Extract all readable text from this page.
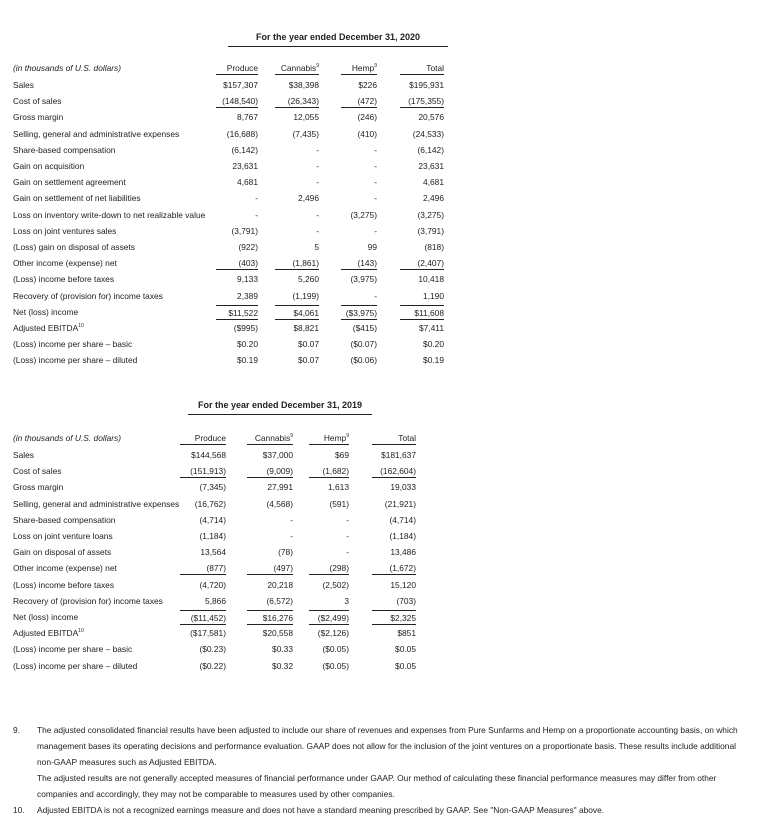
For the year ended December 31, 2020
(in thousands of U.S. dollars)	Produce	Cannabis$^9$	Hemp$^9$	Total
Sales	$157,307	$38,398	$226	$195,931
Cost of sales	(148,540)	(26,343)	(472)	(175,355)
Gross margin	8,767	12,055	(246)	20,576
Selling, general and administrative expenses	(16,688)	(7,435)	(410)	(24,533)
Share-based compensation	(6,142)	-	-	(6,142)
Gain on acquisition	23,631	-	-	23,631
Gain on settlement agreement	4,681	-	-	4,681
Gain on settlement of net liabilities	-	2,496	-	2,496
Loss on inventory write-down to net realizable value	-	-	(3,275)	(3,275)
Loss on joint ventures sales	(3,791)	-	-	(3,791)
(Loss) gain on disposal of assets	(922)	5	99	(818)
Other income (expense) net	(403)	(1,861)	(143)	(2,407)
(Loss) income before taxes	9,133	5,260	(3,975)	10,418
Recovery of (provision for) income taxes	2,389	(1,199)	-	1,190
Net (loss) income	$11,522	$4,061	($3,975)	$11,608
Adjusted EBITDA$^{10}$	($995)	$8,821	($415)	$7,411
(Loss) income per share – basic	$0.20	$0.07	($0.07)	$0.20
(Loss) income per share – diluted	$0.19	$0.07	($0.06)	$0.19
For the year ended December 31, 2019
(in thousands of U.S. dollars)	Produce	Cannabis$^9$	Hemp$^9$	Total
Sales	$144,568	$37,000	$69	$181,637
Cost of sales	(151,913)	(9,009)	(1,682)	(162,604)
Gross margin	(7,345)	27,991	1,613	19,033
Selling, general and administrative expenses	(16,762)	(4,568)	(591)	(21,921)
Share-based compensation	(4,714)	-	-	(4,714)
Loss on joint venture loans	(1,184)	-	-	(1,184)
Gain on disposal of assets	13,564	(78)	-	13,486
Other income (expense) net	(877)	(497)	(298)	(1,672)
(Loss) income before taxes	(4,720)	20,218	(2,502)	15,120
Recovery of (provision for) income taxes	5,866	(6,572)	3	(703)
Net (loss) income	($11,452)	$16,276	($2,499)	$2,325
Adjusted EBITDA$^{10}$	($17,581)	$20,558	($2,126)	$851
(Loss) income per share – basic	($0.23)	$0.33	($0.05)	$0.05
(Loss) income per share – diluted	($0.22)	$0.32	($0.05)	$0.05
9. The adjusted consolidated financial results have been adjusted to include our share of revenues and expenses from Pure Sunfarms and Hemp on a proportionate accounting basis, on which management bases its operating decisions and performance evaluation. GAAP does not allow for the inclusion of the joint ventures on a proportionate basis. These results include additional non-GAAP measures such as Adjusted EBITDA.
The adjusted results are not generally accepted measures of financial performance under GAAP. Our method of calculating these financial performance measures may differ from other companies and accordingly, they may not be comparable to measures used by other companies.
10. Adjusted EBITDA is not a recognized earnings measure and does not have a standard meaning prescribed by GAAP. See "Non-GAAP Measures" above.
